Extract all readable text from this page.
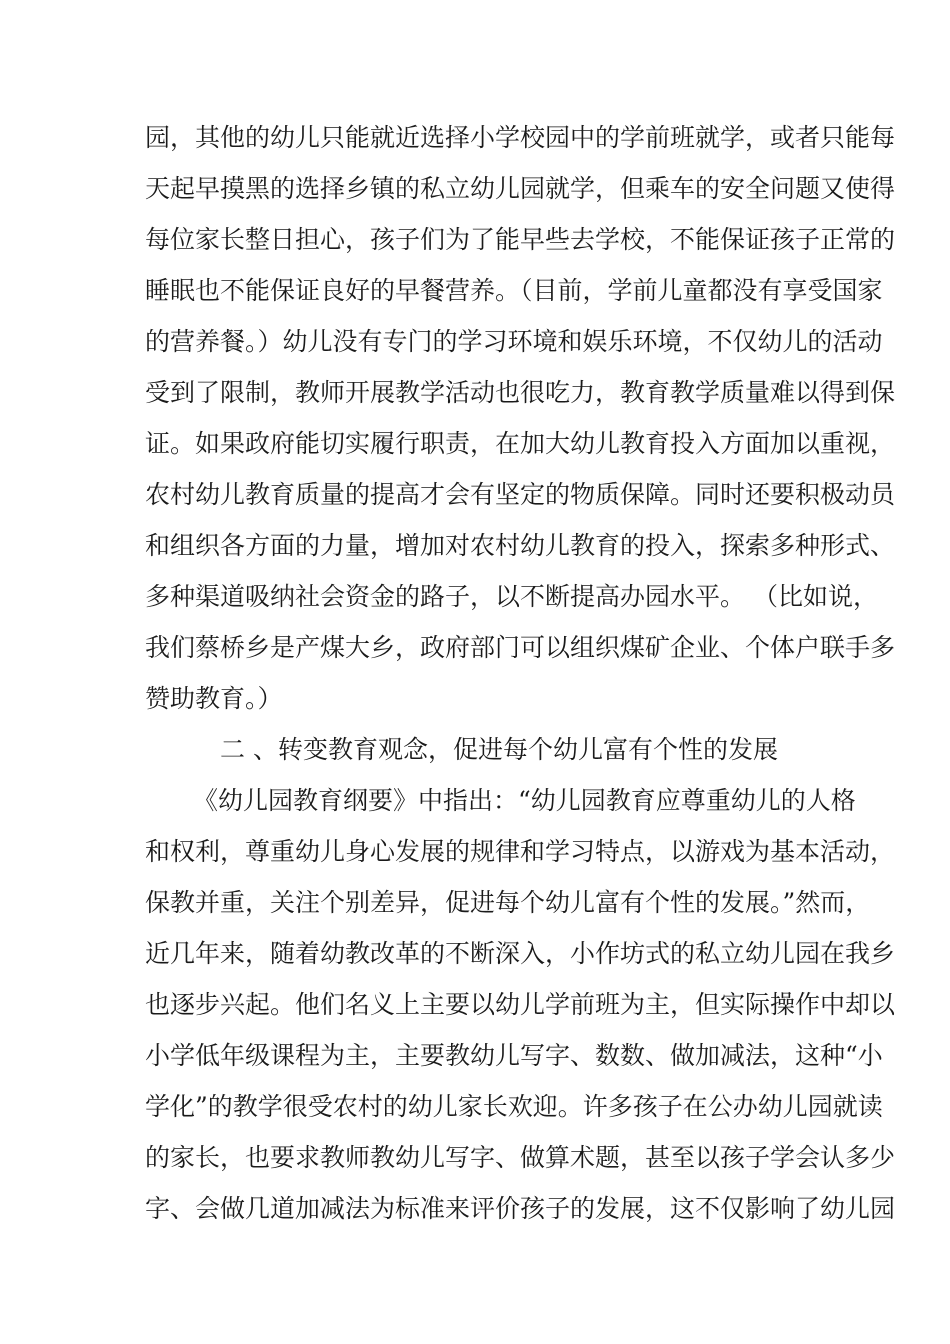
园，其他的幼儿只能就近选择小学校园中的学前班就学，或者只能每
天起早摸黑的选择乡镇的私立幼儿园就学，但乘车的安全问题又使得
每位家长整日担心，孩子们为了能早些去学校，不能保证孩子正常的
睡眠也不能保证良好的早餐营养。（目前，学前儿童都没有享受国家
的营养餐。）幼儿没有专门的学习环境和娱乐环境，不仅幼儿的活动
受到了限制，教师开展教学活动也很吃力，教育教学质量难以得到保
证。如果政府能切实履行职责，在加大幼儿教育投入方面加以重视，
农村幼儿教育质量的提高才会有坚定的物质保障。同时还要积极动员
和组织各方面的力量，增加对农村幼儿教育的投入，探索多种形式、
多种渠道吸纳社会资金的路子，以不断提高办园水平。 （比如说，
我们蔡桥乡是产煤大乡，政府部门可以组织煤矿企业、个体户联手多
赞助教育。）
二 、转变教育观念，促进每个幼儿富有个性的发展
《幼儿园教育纲要》中指出：“幼儿园教育应尊重幼儿的人格
和权利，尊重幼儿身心发展的规律和学习特点，以游戏为基本活动，
保教并重，关注个别差异，促进每个幼儿富有个性的发展。”然而，
近几年来，随着幼教改革的不断深入，小作坊式的私立幼儿园在我乡
也逐步兴起。他们名义上主要以幼儿学前班为主，但实际操作中却以
小学低年级课程为主，主要教幼儿写字、数数、做加减法，这种“小
学化”的教学很受农村的幼儿家长欢迎。许多孩子在公办幼儿园就读
的家长，也要求教师教幼儿写字、做算术题，甚至以孩子学会认多少
字、会做几道加减法为标准来评价孩子的发展，这不仅影响了幼儿园
